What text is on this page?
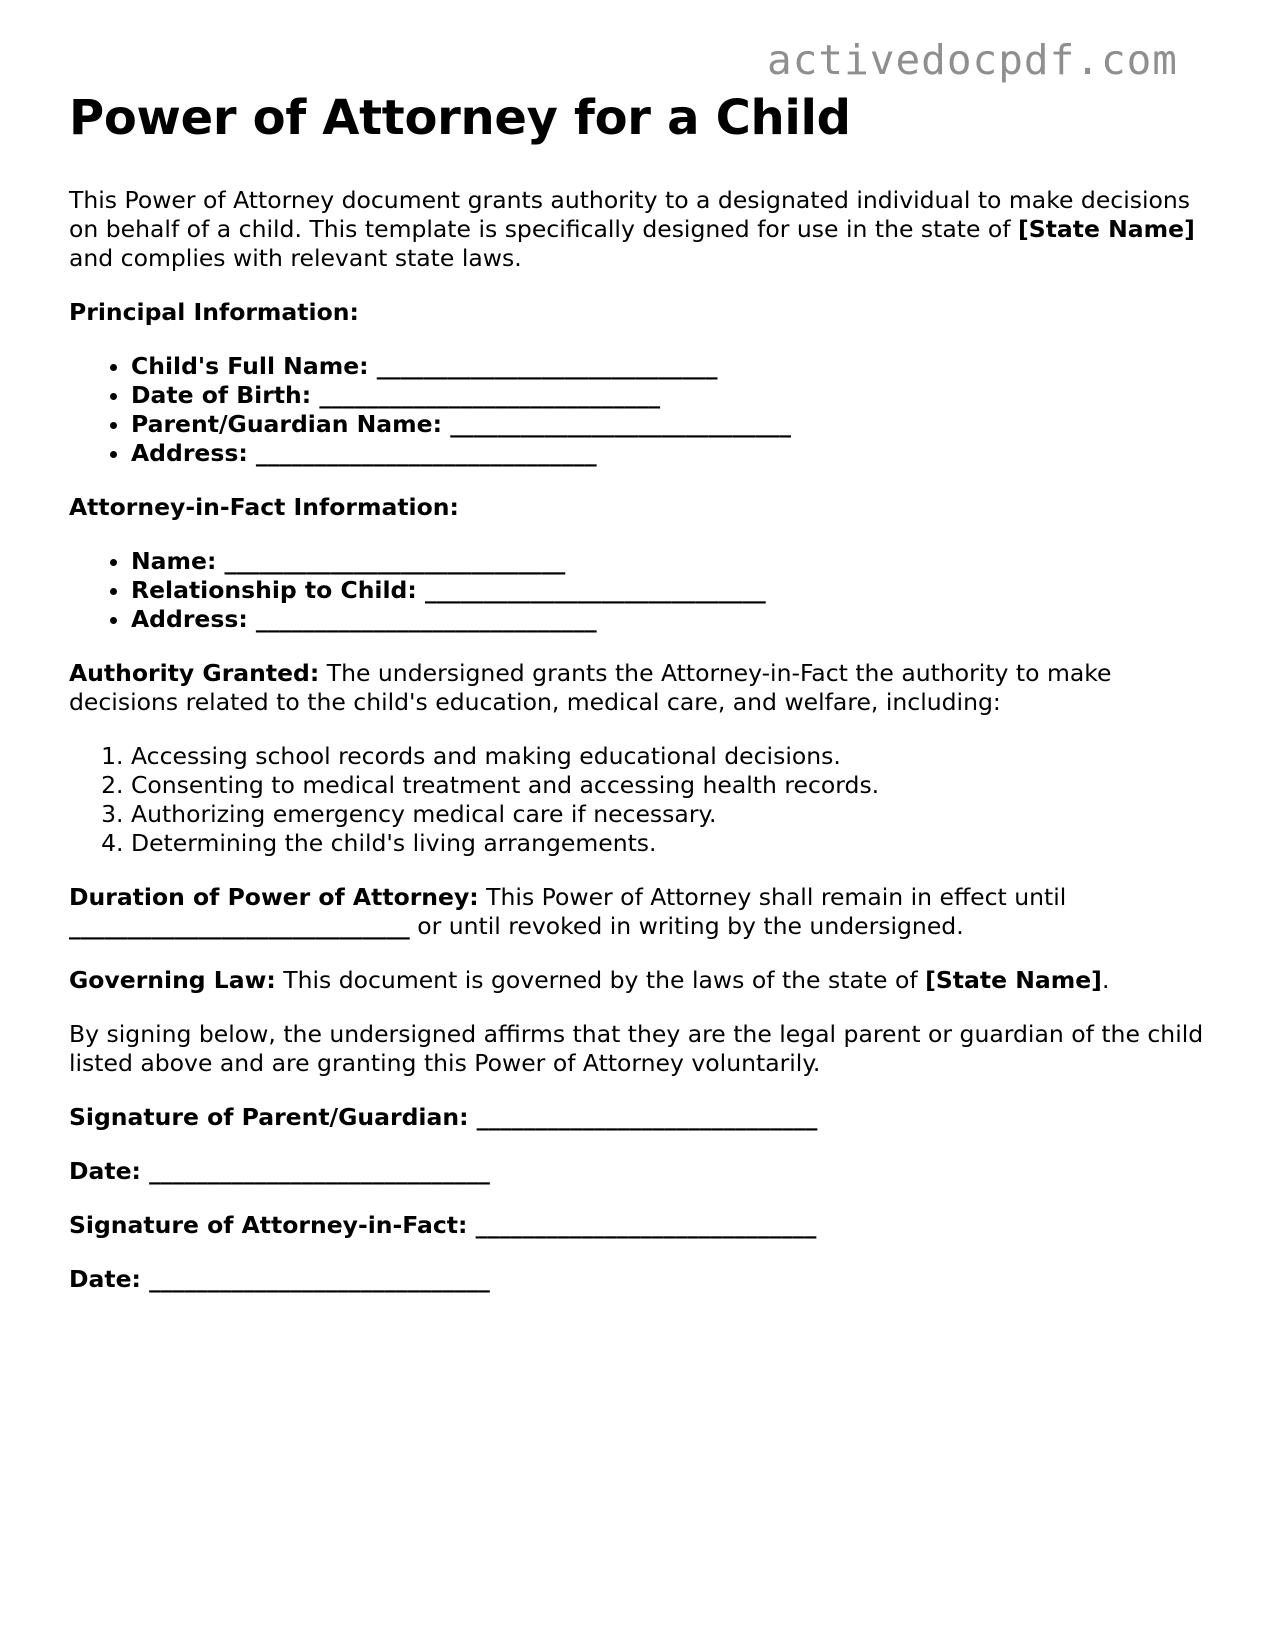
activedocpdf.com
Power of Attorney for a Child

This Power of Attorney document grants authority to a designated individual to make decisions on behalf of a child. This template is specifically designed for use in the state of [State Name] and complies with relevant state laws.

Principal Information:

• Child's Full Name: _____________________________
• Date of Birth: _____________________________
• Parent/Guardian Name: _____________________________
• Address: _____________________________

Attorney-in-Fact Information:

• Name: _____________________________
• Relationship to Child: _____________________________
• Address: _____________________________

Authority Granted: The undersigned grants the Attorney-in-Fact the authority to make decisions related to the child's education, medical care, and welfare, including:

1. Accessing school records and making educational decisions.
2. Consenting to medical treatment and accessing health records.
3. Authorizing emergency medical care if necessary.
4. Determining the child's living arrangements.

Duration of Power of Attorney: This Power of Attorney shall remain in effect until _____________________________ or until revoked in writing by the undersigned.

Governing Law: This document is governed by the laws of the state of [State Name].

By signing below, the undersigned affirms that they are the legal parent or guardian of the child listed above and are granting this Power of Attorney voluntarily.

Signature of Parent/Guardian: _____________________________

Date: _____________________________

Signature of Attorney-in-Fact: _____________________________

Date: _____________________________
